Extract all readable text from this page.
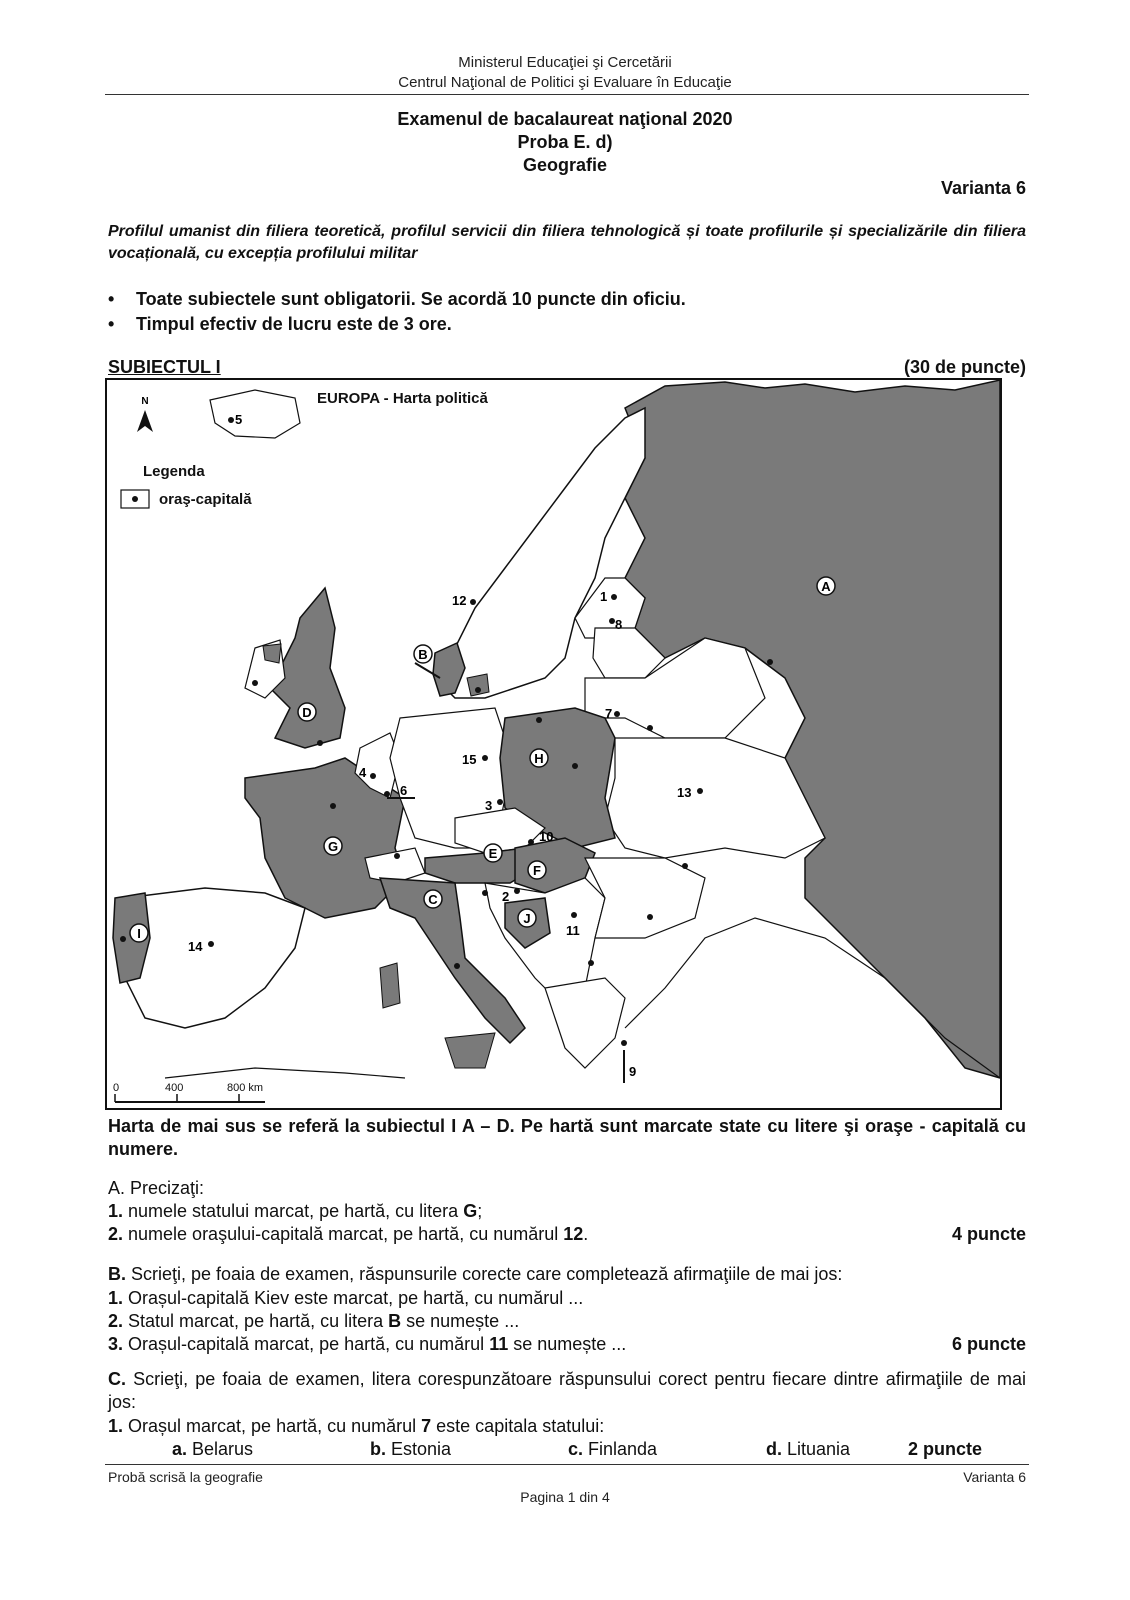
Ministerul Educaţiei şi Cercetării
Centrul Naţional de Politici şi Evaluare în Educaţie
Examenul de bacalaureat naţional 2020
Proba E. d)
Geografie
Varianta 6
Profilul umanist din filiera teoretică, profilul servicii din filiera tehnologică și toate profilurile și specializările din filiera vocațională, cu excepția profilului militar
• Toate subiectele sunt obligatorii. Se acordă 10 puncte din oficiu.
• Timpul efectiv de lucru este de 3 ore.
SUBIECTUL I	(30 de puncte)
N	EUROPA - Harta politică
Legenda
oraş-capitală
0	400	800 km
A
B
C
D
E
F
G
H
I
J
1
2
3
4
5
6
7
8
9
10
11
12
13
14
15
Harta de mai sus se referă la subiectul I A – D. Pe hartă sunt marcate state cu litere şi oraşe - capitală cu numere.
A. Precizaţi:
1. numele statului marcat, pe hartă, cu litera G;
2. numele oraşului-capitală marcat, pe hartă, cu numărul 12.	4 puncte
B. Scrieţi, pe foaia de examen, răspunsurile corecte care completează afirmaţiile de mai jos:
1. Orașul-capitală Kiev este marcat, pe hartă, cu numărul ...
2. Statul marcat, pe hartă, cu litera B se numește ...
3. Orașul-capitală marcat, pe hartă, cu numărul 11 se numește ...	6 puncte
C. Scrieţi, pe foaia de examen, litera corespunzătoare răspunsului corect pentru fiecare dintre afirmaţiile de mai jos:
1. Orașul marcat, pe hartă, cu numărul 7 este capitala statului:
a. Belarus	b. Estonia	c. Finlanda	d. Lituania	2 puncte
Probă scrisă la geografie	Varianta 6
Pagina 1 din 4
